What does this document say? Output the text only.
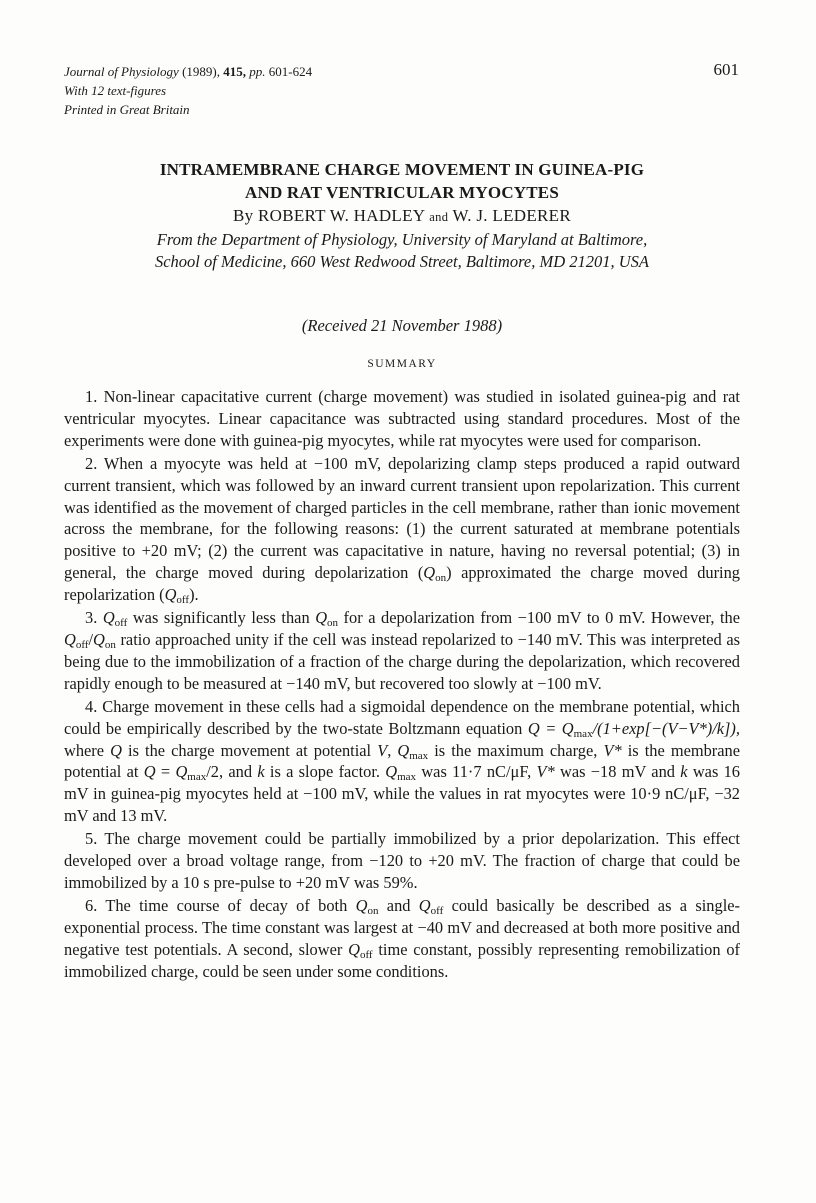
Journal of Physiology (1989), 415, pp. 601-624
With 12 text-figures
Printed in Great Britain
601
INTRAMEMBRANE CHARGE MOVEMENT IN GUINEA-PIG
AND RAT VENTRICULAR MYOCYTES
By ROBERT W. HADLEY and W. J. LEDERER
From the Department of Physiology, University of Maryland at Baltimore,
School of Medicine, 660 West Redwood Street, Baltimore, MD 21201, USA
(Received 21 November 1988)
SUMMARY

1. Non-linear capacitative current (charge movement) was studied in isolated guinea-pig and rat ventricular myocytes. Linear capacitance was subtracted using standard procedures. Most of the experiments were done with guinea-pig myocytes, while rat myocytes were used for comparison.

2. When a myocyte was held at −100 mV, depolarizing clamp steps produced a rapid outward current transient, which was followed by an inward current transient upon repolarization. This current was identified as the movement of charged particles in the cell membrane, rather than ionic movement across the membrane, for the following reasons: (1) the current saturated at membrane potentials positive to +20 mV; (2) the current was capacitative in nature, having no reversal potential; (3) in general, the charge moved during depolarization $(Q_{on})$ approximated the charge moved during repolarization $(Q_{off})$.

3. $Q_{off}$ was significantly less than $Q_{on}$ for a depolarization from −100 mV to 0 mV. However, the $Q_{off}/Q_{on}$ ratio approached unity if the cell was instead repolarized to −140 mV. This was interpreted as being due to the immobilization of a fraction of the charge during the depolarization, which recovered rapidly enough to be measured at −140 mV, but recovered too slowly at −100 mV.

4. Charge movement in these cells had a sigmoidal dependence on the membrane potential, which could be empirically described by the two-state Boltzmann equation $Q = Q_{max}/(1+\exp[-(V-V*)/k])$, where Q is the charge movement at potential V, $Q_{max}$ is the maximum charge, V* is the membrane potential at $Q = Q_{max}/2$, and k is a slope factor. $Q_{max}$ was 11·7 nC/μF, V* was −18 mV and k was 16 mV in guinea-pig myocytes held at −100 mV, while the values in rat myocytes were 10·9 nC/μF, −32 mV and 13 mV.

5. The charge movement could be partially immobilized by a prior depolarization. This effect developed over a broad voltage range, from −120 to +20 mV. The fraction of charge that could be immobilized by a 10 s pre-pulse to +20 mV was 59%.

6. The time course of decay of both $Q_{on}$ and $Q_{off}$ could basically be described as a single-exponential process. The time constant was largest at −40 mV and decreased at both more positive and negative test potentials. A second, slower $Q_{off}$ time constant, possibly representing remobilization of immobilized charge, could be seen under some conditions.
